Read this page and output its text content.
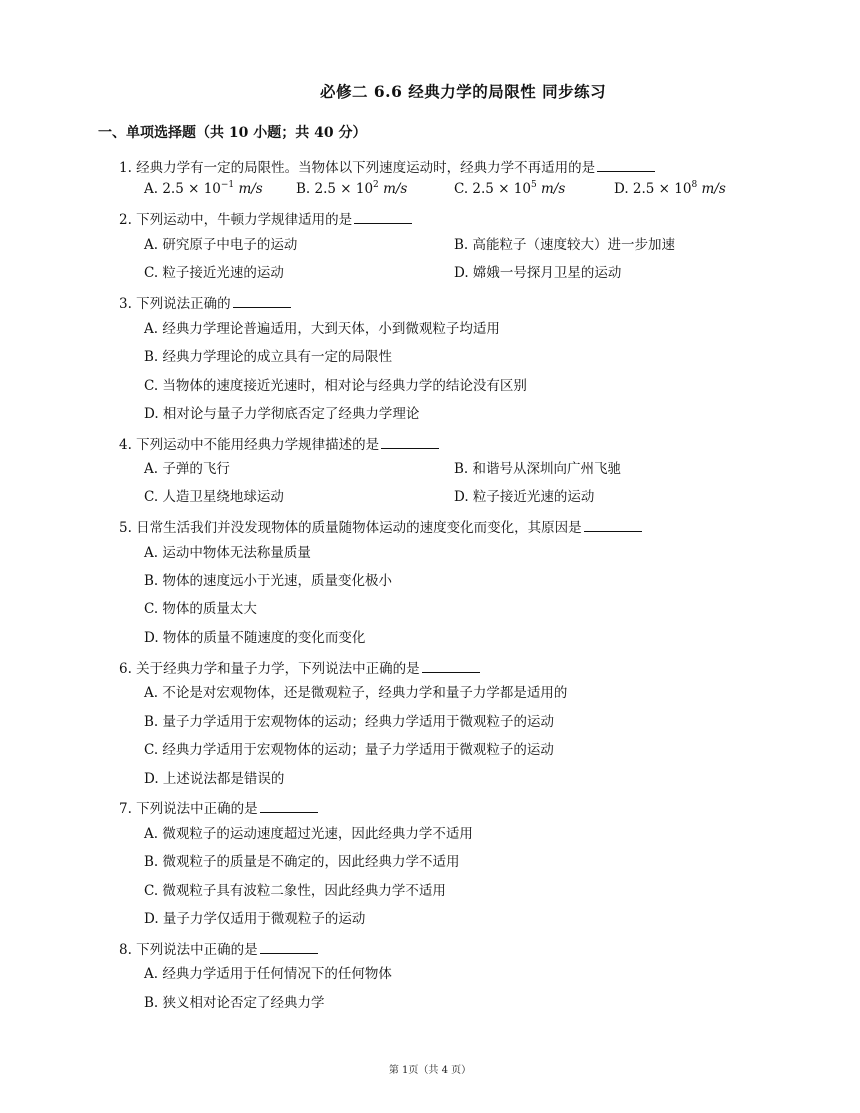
必修二 6.6 经典力学的局限性 同步练习
一、单项选择题（共 10 小题；共 40 分）
1. 经典力学有一定的局限性。当物体以下列速度运动时，经典力学不再适用的是
A. $2.5 \times 10^{-1}$ m/s B. $2.5 \times 10^2$ m/s	C. $2.5 \times 10^5$ m/s	D. $2.5 \times 10^8$ m/s
2. 下列运动中，牛顿力学规律适用的是
A. 研究原子中电子的运动	B. 高能粒子（速度较大）进一步加速
C. 粒子接近光速的运动	D. 嫦娥一号探月卫星的运动
3. 下列说法正确的
A. 经典力学理论普遍适用，大到天体，小到微观粒子均适用
B. 经典力学理论的成立具有一定的局限性
C. 当物体的速度接近光速时，相对论与经典力学的结论没有区别
D. 相对论与量子力学彻底否定了经典力学理论
4. 下列运动中不能用经典力学规律描述的是
A. 子弹的飞行	B. 和谐号从深圳向广州飞驰
C. 人造卫星绕地球运动	D. 粒子接近光速的运动
5. 日常生活我们并没发现物体的质量随物体运动的速度变化而变化，其原因是
A. 运动中物体无法称量质量
B. 物体的速度远小于光速，质量变化极小
C. 物体的质量太大
D. 物体的质量不随速度的变化而变化
6. 关于经典力学和量子力学，下列说法中正确的是
A. 不论是对宏观物体，还是微观粒子，经典力学和量子力学都是适用的
B. 量子力学适用于宏观物体的运动；经典力学适用于微观粒子的运动
C. 经典力学适用于宏观物体的运动；量子力学适用于微观粒子的运动
D. 上述说法都是错误的
7. 下列说法中正确的是
A. 微观粒子的运动速度超过光速，因此经典力学不适用
B. 微观粒子的质量是不确定的，因此经典力学不适用
C. 微观粒子具有波粒二象性，因此经典力学不适用
D. 量子力学仅适用于微观粒子的运动
8. 下列说法中正确的是
A. 经典力学适用于任何情况下的任何物体
B. 狭义相对论否定了经典力学
第 1页（共 4 页）
